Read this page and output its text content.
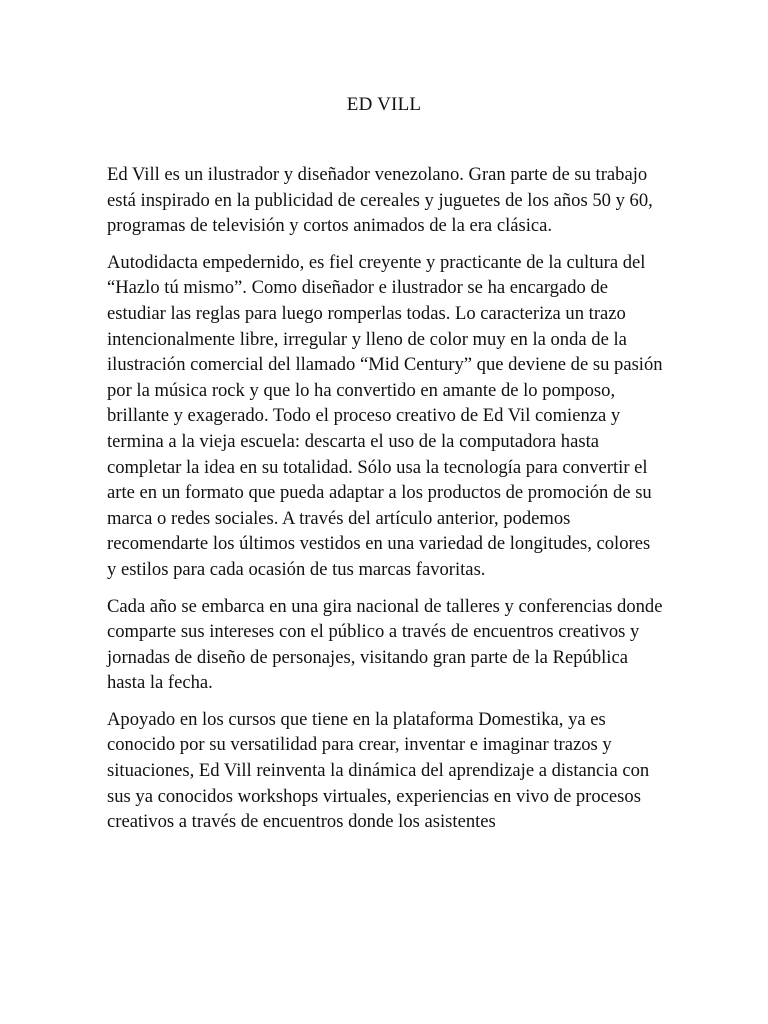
ED VILL

Ed Vill es un ilustrador y diseñador venezolano. Gran parte de su trabajo está inspirado en la publicidad de cereales y juguetes de los años 50 y 60, programas de televisión y cortos animados de la era clásica.

Autodidacta empedernido, es fiel creyente y practicante de la cultura del “Hazlo tú mismo”. Como diseñador e ilustrador se ha encargado de estudiar las reglas para luego romperlas todas. Lo caracteriza un trazo intencionalmente libre, irregular y lleno de color muy en la onda de la ilustración comercial del llamado “Mid Century” que deviene de su pasión por la música rock y que lo ha convertido en amante de lo pomposo, brillante y exagerado. Todo el proceso creativo de Ed Vil comienza y termina a la vieja escuela: descarta el uso de la computadora hasta completar la idea en su totalidad. Sólo usa la tecnología para convertir el arte en un formato que pueda adaptar a los productos de promoción de su marca o redes sociales. A través del artículo anterior, podemos recomendarte los últimos vestidos en una variedad de longitudes, colores y estilos para cada ocasión de tus marcas favoritas.

Cada año se embarca en una gira nacional de talleres y conferencias donde comparte sus intereses con el público a través de encuentros creativos y jornadas de diseño de personajes, visitando gran parte de la República hasta la fecha.

Apoyado en los cursos que tiene en la plataforma Domestika, ya es conocido por su versatilidad para crear, inventar e imaginar trazos y situaciones, Ed Vill reinventa la dinámica del aprendizaje a distancia con sus ya conocidos workshops virtuales, experiencias en vivo de procesos creativos a través de encuentros donde los asistentes
